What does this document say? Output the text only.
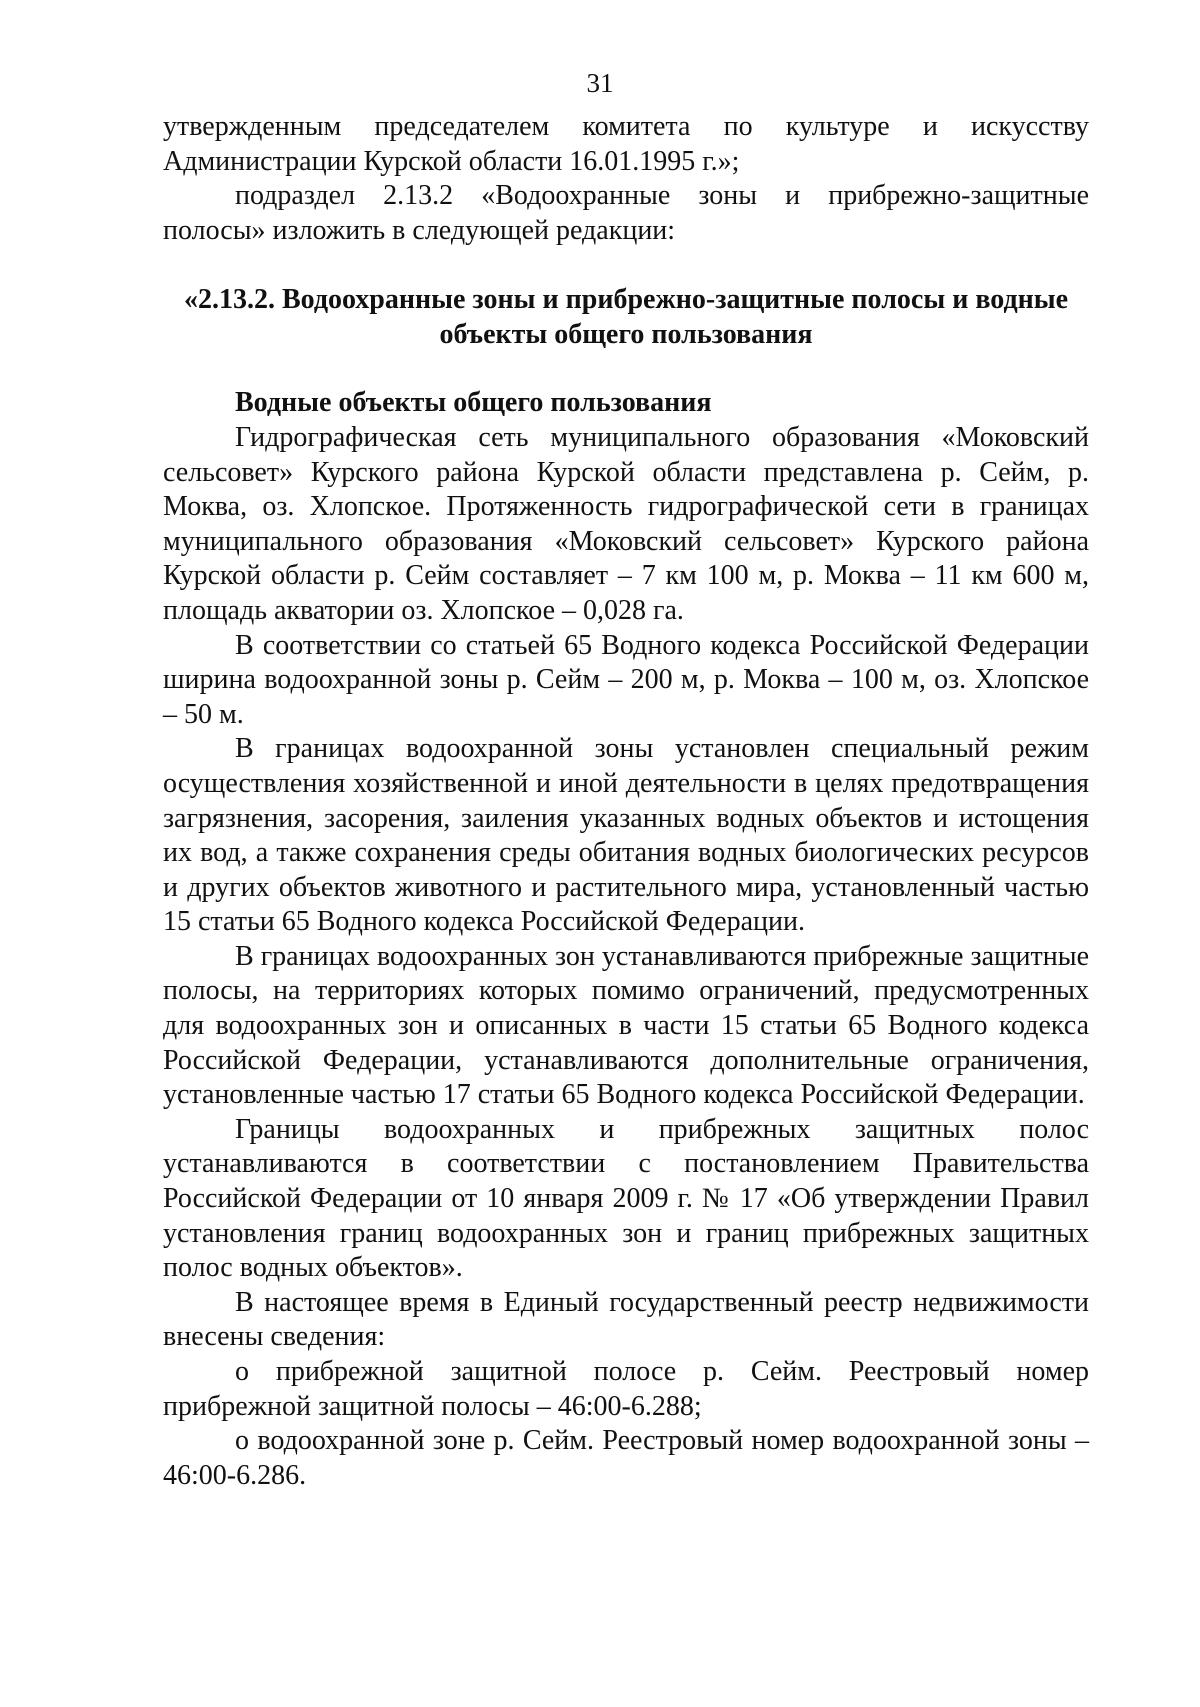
31

утвержденным председателем комитета по культуре и искусству Администрации Курской области 16.01.1995 г.»;

подраздел 2.13.2 «Водоохранные зоны и прибрежно-защитные полосы» изложить в следующей редакции:

«2.13.2. Водоохранные зоны и прибрежно-защитные полосы и водные объекты общего пользования

Водные объекты общего пользования

Гидрографическая сеть муниципального образования «Моковский сельсовет» Курского района Курской области представлена р. Сейм, р. Моква, оз. Хлопское. Протяженность гидрографической сети в границах муниципального образования «Моковский сельсовет» Курского района Курской области р. Сейм составляет – 7 км 100 м, р. Моква – 11 км 600 м, площадь акватории оз. Хлопское – 0,028 га.

В соответствии со статьей 65 Водного кодекса Российской Федерации ширина водоохранной зоны р. Сейм – 200 м, р. Моква – 100 м, оз. Хлопское – 50 м.

В границах водоохранной зоны установлен специальный режим осуществления хозяйственной и иной деятельности в целях предотвращения загрязнения, засорения, заиления указанных водных объектов и истощения их вод, а также сохранения среды обитания водных биологических ресурсов и других объектов животного и растительного мира, установленный частью 15 статьи 65 Водного кодекса Российской Федерации.

В границах водоохранных зон устанавливаются прибрежные защитные полосы, на территориях которых помимо ограничений, предусмотренных для водоохранных зон и описанных в части 15 статьи 65 Водного кодекса Российской Федерации, устанавливаются дополнительные ограничения, установленные частью 17 статьи 65 Водного кодекса Российской Федерации.

Границы водоохранных и прибрежных защитных полос устанавливаются в соответствии с постановлением Правительства Российской Федерации от 10 января 2009 г. № 17 «Об утверждении Правил установления границ водоохранных зон и границ прибрежных защитных полос водных объектов».

В настоящее время в Единый государственный реестр недвижимости внесены сведения:

о прибрежной защитной полосе р. Сейм. Реестровый номер прибрежной защитной полосы – 46:00-6.288;

о водоохранной зоне р. Сейм. Реестровый номер водоохранной зоны – 46:00-6.286.
